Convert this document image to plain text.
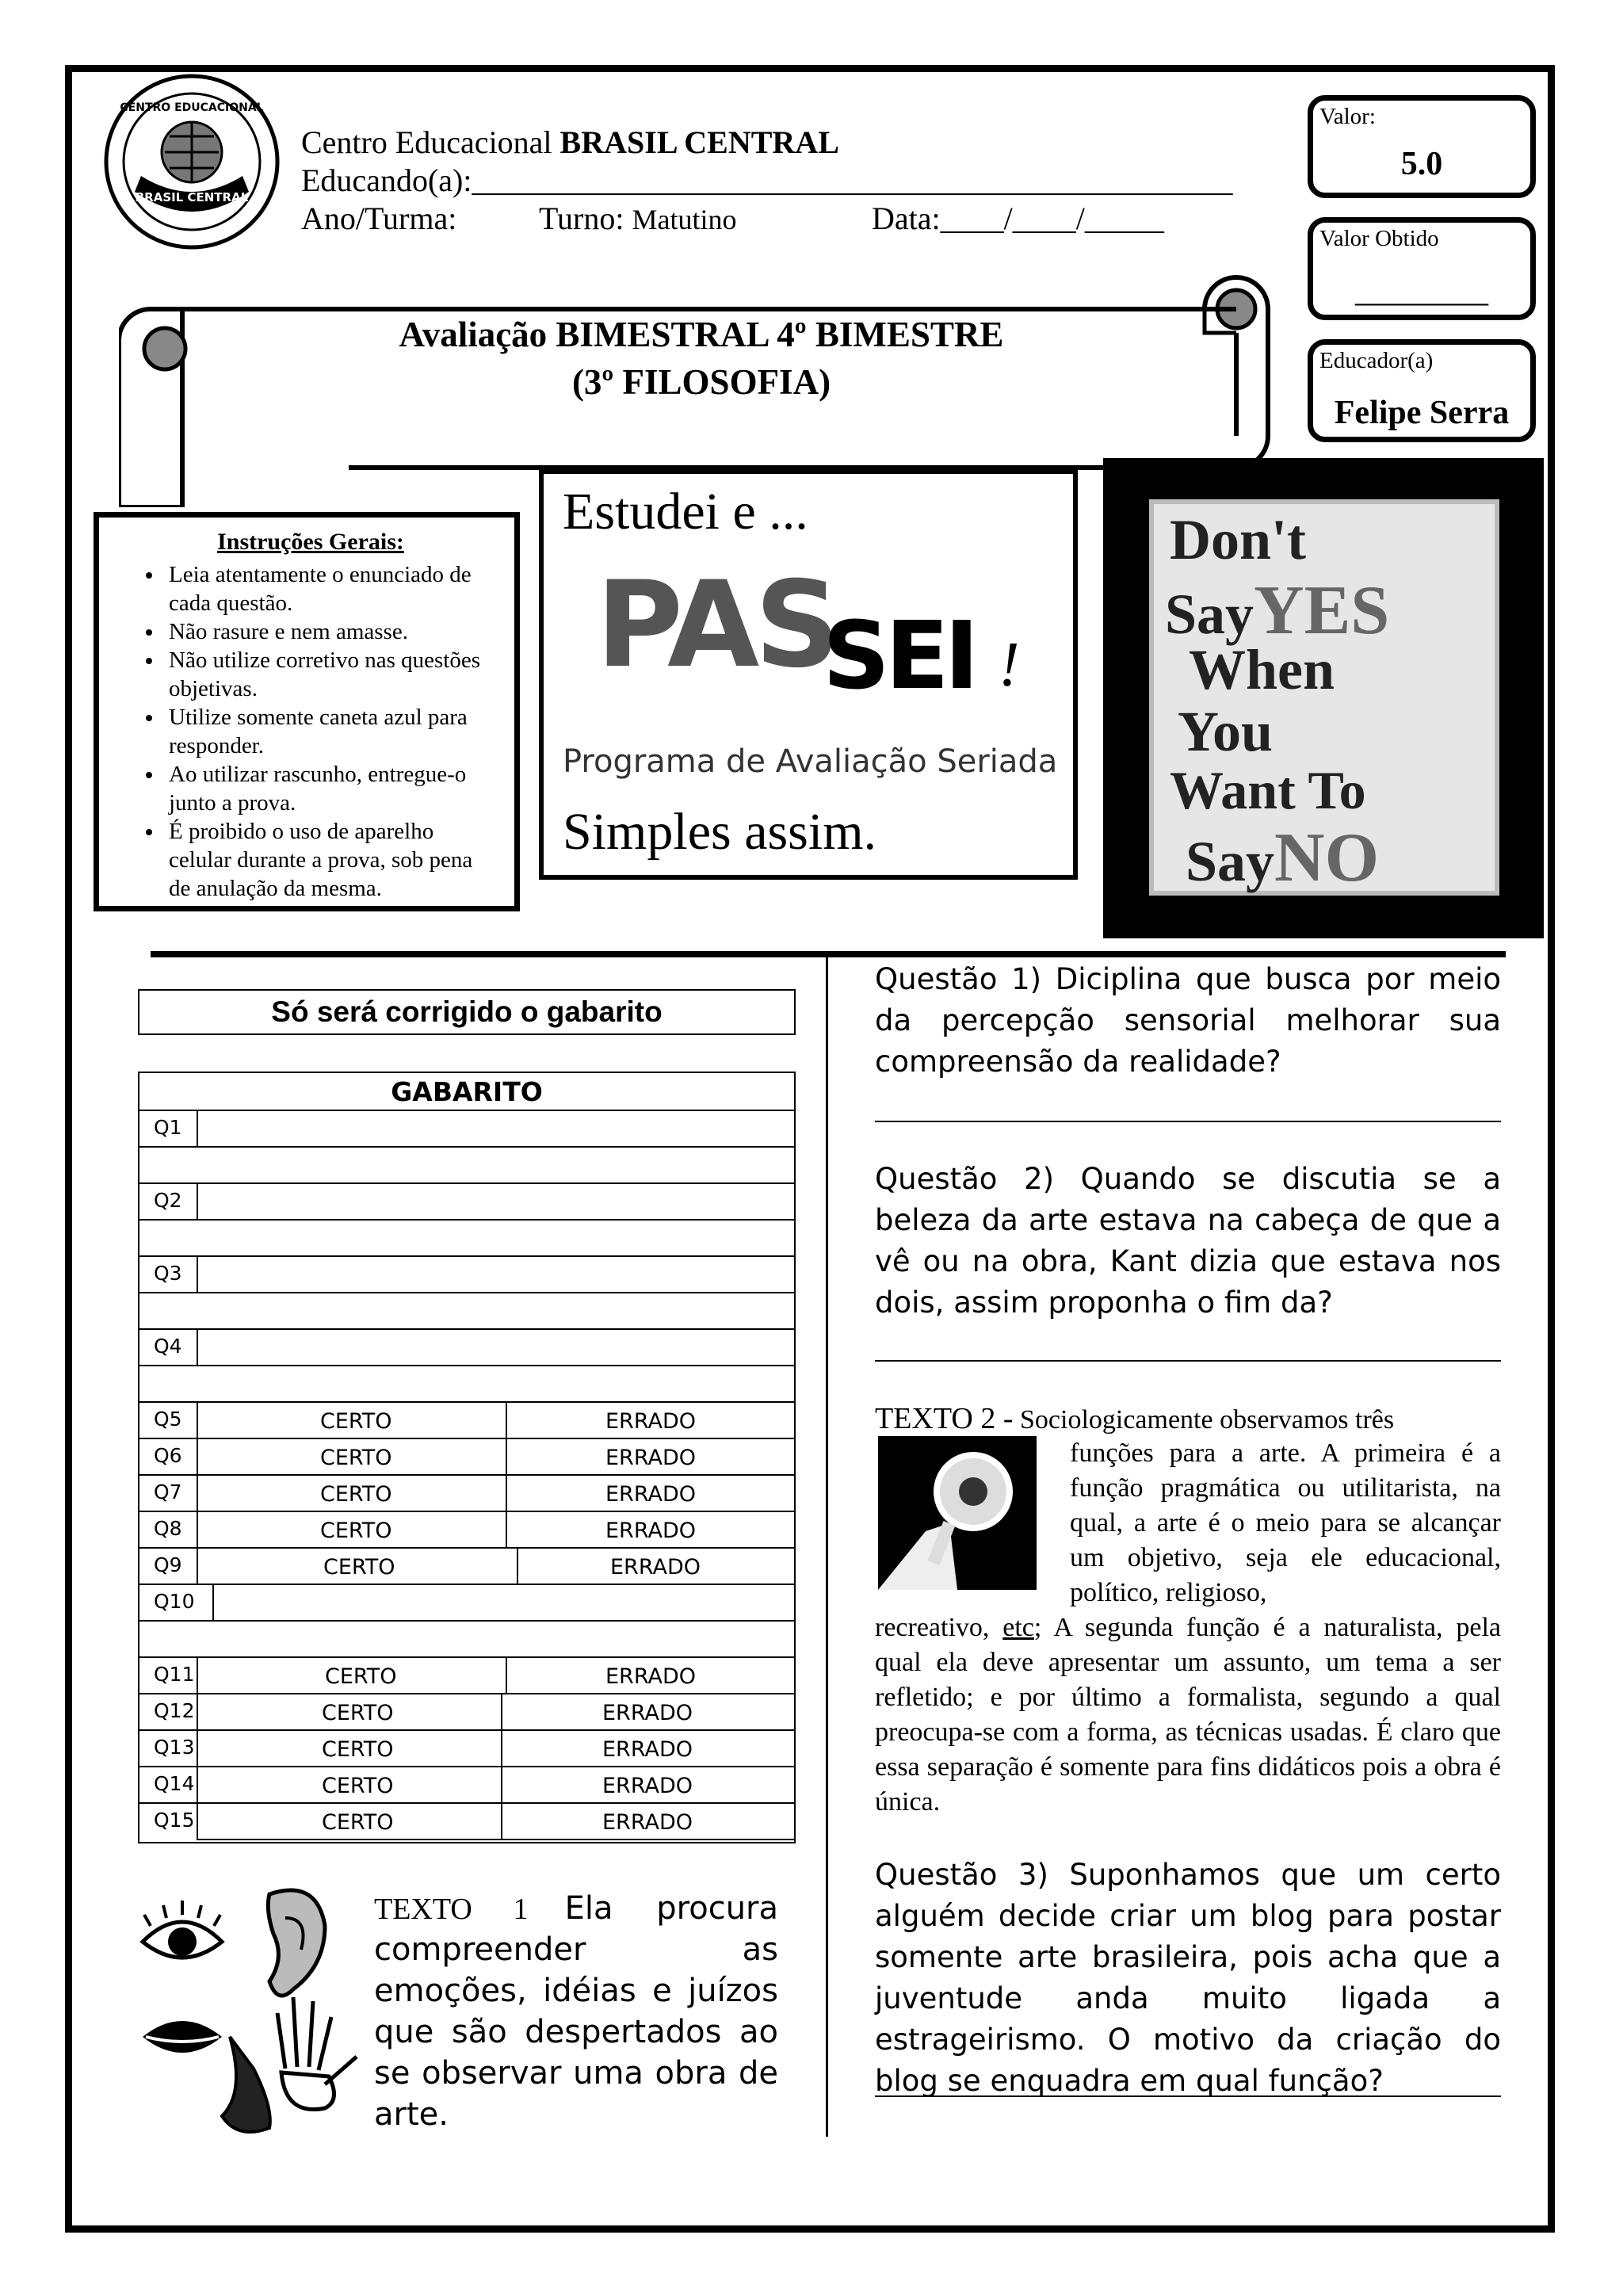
BRASIL CENTRAL
CENTRO EDUCACIONAL
Centro Educacional BRASIL CENTRAL
Educando(a):________________________________________________
Ano/Turma:	Turno: Matutino	Data:____/____/_____
Valor:
5.0
Valor Obtido
________
Educador(a)
Felipe Serra
Avaliação BIMESTRAL 4º BIMESTRE
(3º FILOSOFIA)
Instruções Gerais:
• Leia atentamente o enunciado de cada questão.
• Não rasure e nem amasse.
• Não utilize corretivo nas questões objetivas.
• Utilize somente caneta azul para responder.
• Ao utilizar rascunho, entregue-o junto a prova.
• É proibido o uso de aparelho celular durante a prova, sob pena de anulação da mesma.
Estudei e ...
PAS
SEI !
Programa de Avaliação Seriada
Simples assim.
Don't
SayYES
When
You
Want To
SayNO
Só será corrigido o gabarito
GABARITO
Q1
Q2
Q3
Q4
Q5	CERTO	ERRADO
Q6	CERTO	ERRADO
Q7	CERTO	ERRADO
Q8	CERTO	ERRADO
Q9	CERTO	ERRADO
Q10
Q11	CERTO	ERRADO
Q12	CERTO	ERRADO
Q13	CERTO	ERRADO
Q14	CERTO	ERRADO
Q15	CERTO	ERRADO
TEXTO 1 Ela procura compreender as emoções, idéias e juízos que são despertados ao se observar uma obra de arte.
Questão 1) Diciplina que busca por meio da percepção sensorial melhorar sua compreensão da realidade?
Questão 2) Quando se discutia se a beleza da arte estava na cabeça de que a vê ou na obra, Kant dizia que estava nos dois, assim proponha o fim da?
TEXTO 2 - Sociologicamente observamos três
funções para a arte. A primeira é a função pragmática ou utilitarista, na qual, a arte é o meio para se alcançar um objetivo, seja ele educacional, político, religioso,
recreativo, etc; A segunda função é a naturalista, pela qual ela deve apresentar um assunto, um tema a ser refletido; e por último a formalista, segundo a qual preocupa-se com a forma, as técnicas usadas. É claro que essa separação é somente para fins didáticos pois a obra é única.
Questão 3) Suponhamos que um certo alguém decide criar um blog para postar somente arte brasileira, pois acha que a juventude anda muito ligada a estrageirismo. O motivo da criação do blog se enquadra em qual função?
